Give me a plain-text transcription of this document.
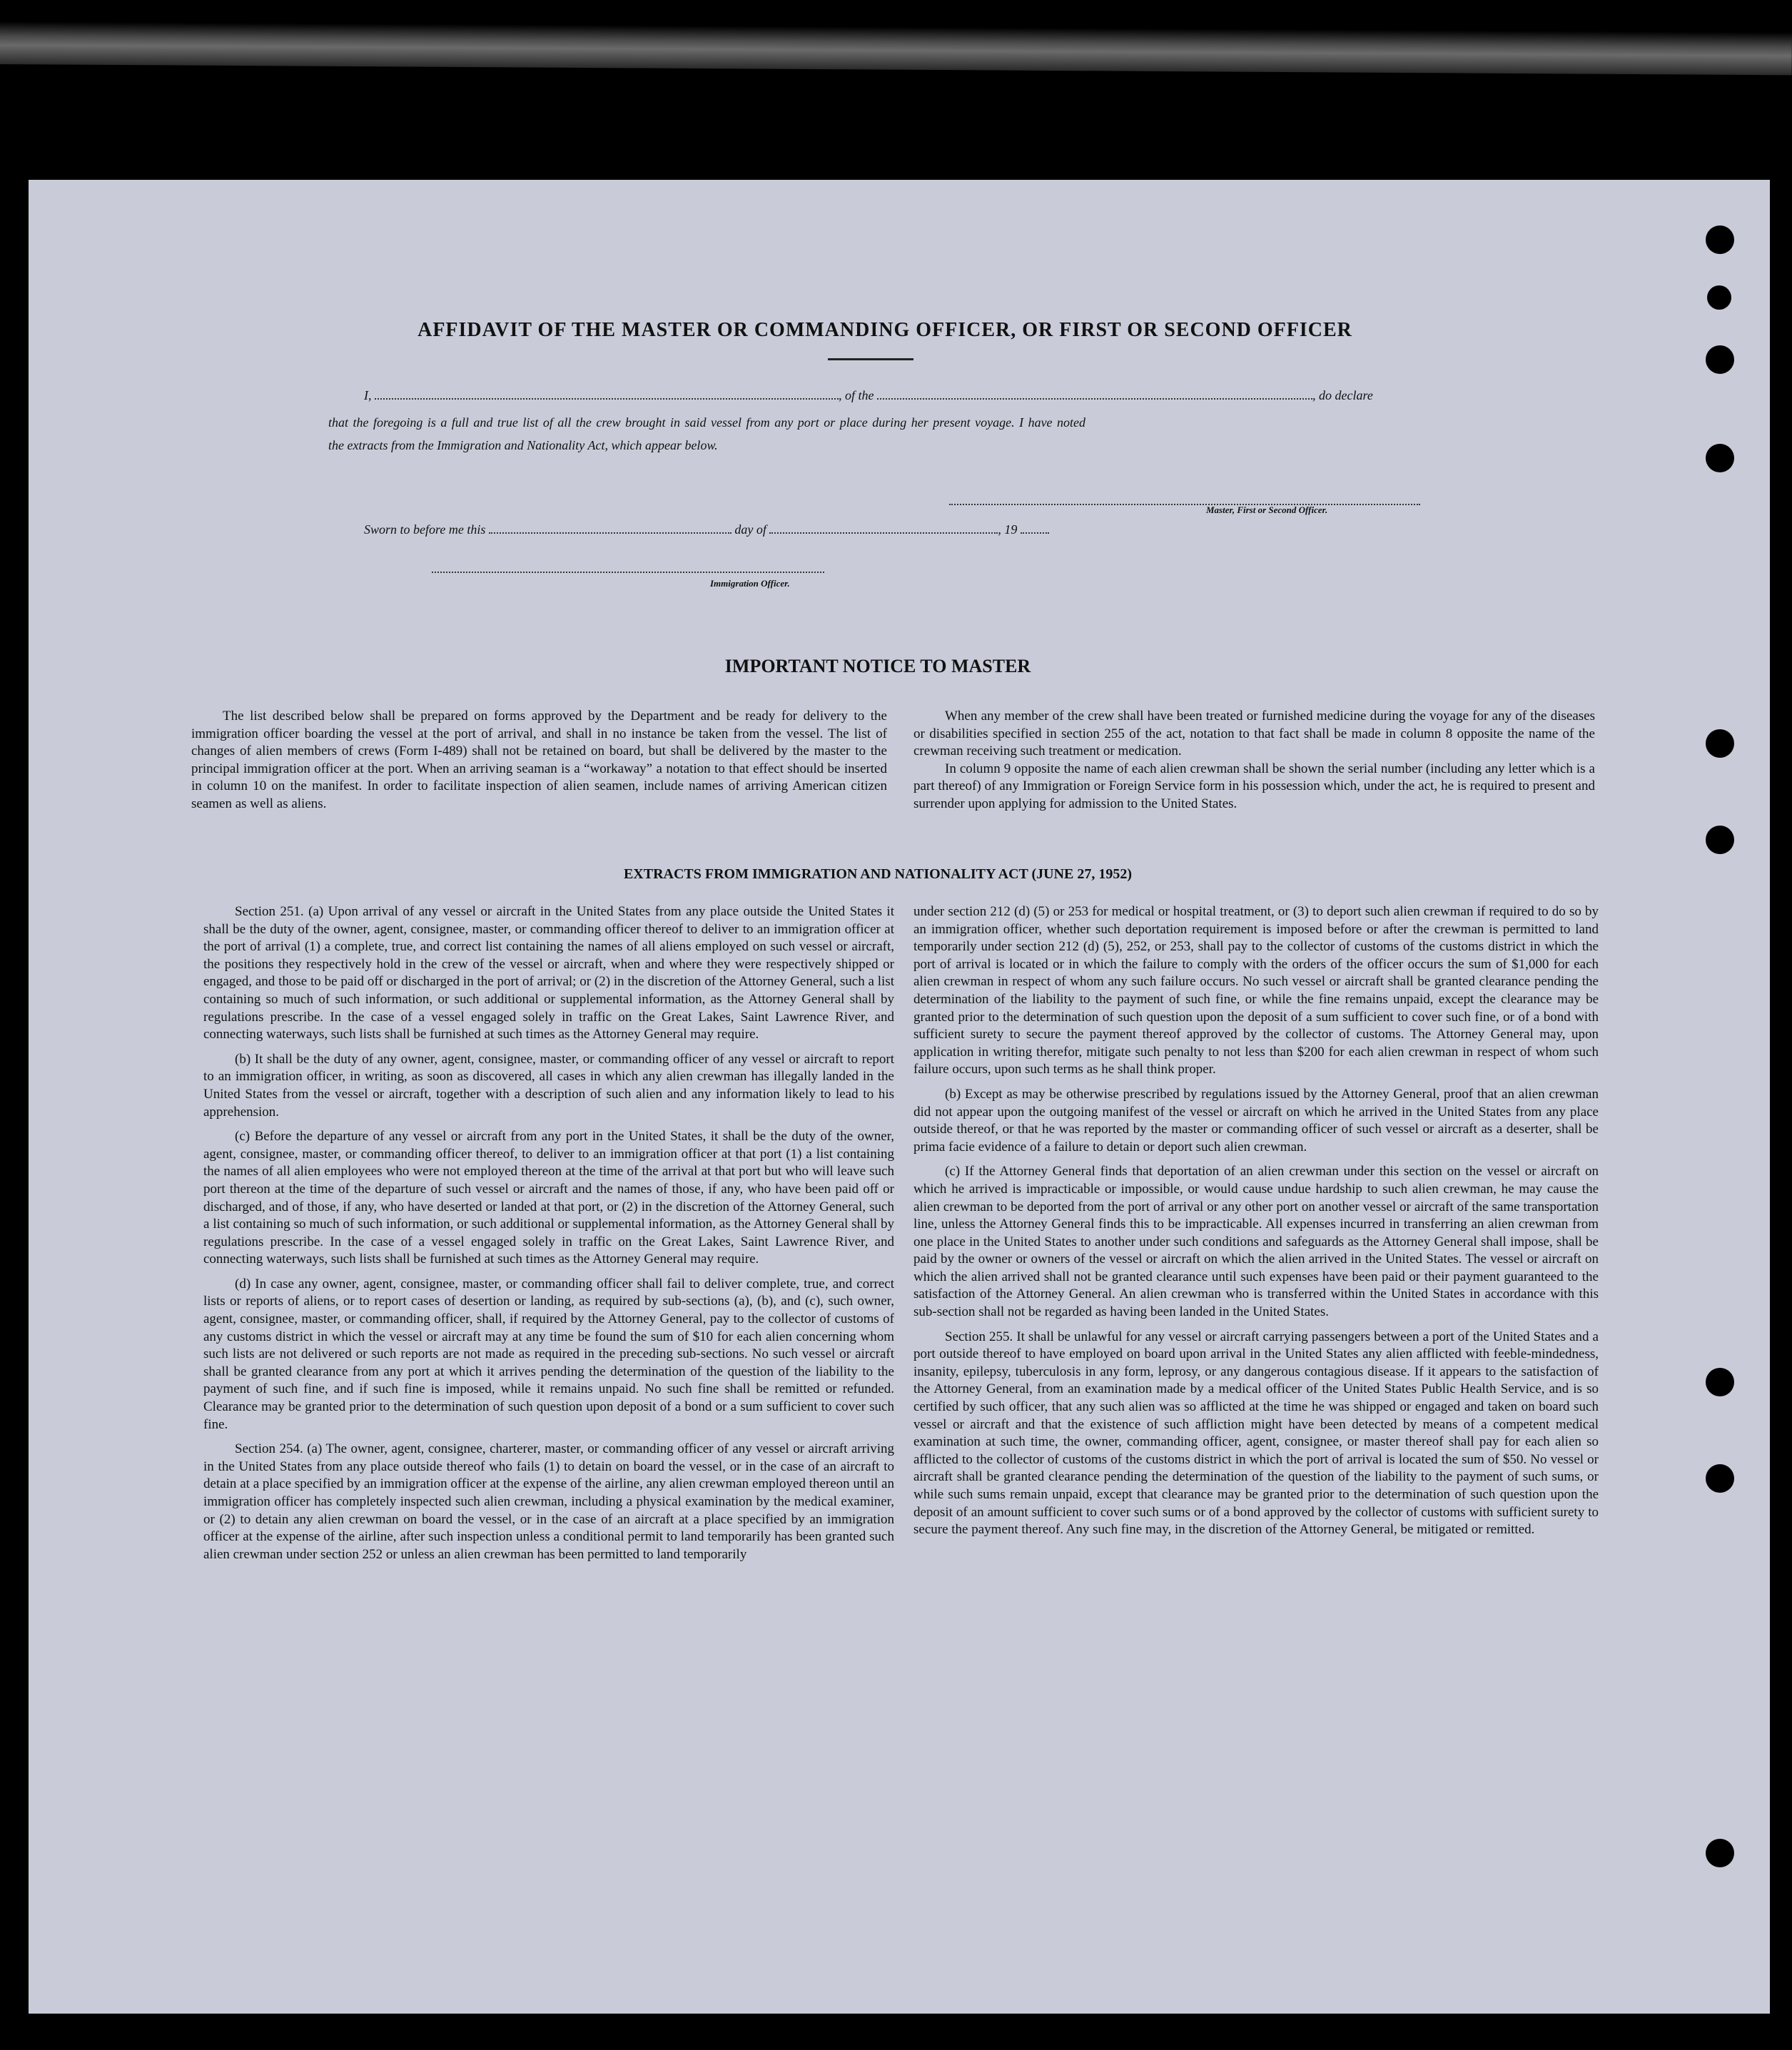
AFFIDAVIT OF THE MASTER OR COMMANDING OFFICER, OR FIRST OR SECOND OFFICER
I,	, of the	, do declare
that the foregoing is a full and true list of all the crew brought in said vessel from any port or place during her present voyage. I have noted
the extracts from the Immigration and Nationality Act, which appear below.
Master, First or Second Officer.
Sworn to before me this	day of	, 19
Immigration Officer.
IMPORTANT NOTICE TO MASTER

The list described below shall be prepared on forms approved by the Department and be ready for delivery to the immigration officer boarding the vessel at the port of arrival, and shall in no instance be taken from the vessel. The list of changes of alien members of crews (Form I-489) shall not be retained on board, but shall be delivered by the master to the principal immigration officer at the port. When an arriving seaman is a “workaway” a notation to that effect should be inserted in column 10 on the manifest. In order to facilitate inspection of alien seamen, include names of arriving American citizen seamen as well as aliens.

When any member of the crew shall have been treated or furnished medicine during the voyage for any of the diseases or disabilities specified in section 255 of the act, notation to that fact shall be made in column 8 opposite the name of the crewman receiving such treatment or medication.

In column 9 opposite the name of each alien crewman shall be shown the serial number (including any letter which is a part thereof) of any Immigration or Foreign Service form in his possession which, under the act, he is required to present and surrender upon applying for admission to the United States.

EXTRACTS FROM IMMIGRATION AND NATIONALITY ACT (JUNE 27, 1952)

Section 251. (a) Upon arrival of any vessel or aircraft in the United States from any place outside the United States it shall be the duty of the owner, agent, consignee, master, or commanding officer thereof to deliver to an immigration officer at the port of arrival (1) a complete, true, and correct list containing the names of all aliens employed on such vessel or aircraft, the positions they respectively hold in the crew of the vessel or aircraft, when and where they were respectively shipped or engaged, and those to be paid off or discharged in the port of arrival; or (2) in the discretion of the Attorney General, such a list containing so much of such information, or such additional or supplemental information, as the Attorney General shall by regulations prescribe. In the case of a vessel engaged solely in traffic on the Great Lakes, Saint Lawrence River, and connecting waterways, such lists shall be furnished at such times as the Attorney General may require.

(b) It shall be the duty of any owner, agent, consignee, master, or commanding officer of any vessel or aircraft to report to an immigration officer, in writing, as soon as discovered, all cases in which any alien crewman has illegally landed in the United States from the vessel or aircraft, together with a description of such alien and any information likely to lead to his apprehension.

(c) Before the departure of any vessel or aircraft from any port in the United States, it shall be the duty of the owner, agent, consignee, master, or commanding officer thereof, to deliver to an immigration officer at that port (1) a list containing the names of all alien employees who were not employed thereon at the time of the arrival at that port but who will leave such port thereon at the time of the departure of such vessel or aircraft and the names of those, if any, who have been paid off or discharged, and of those, if any, who have deserted or landed at that port, or (2) in the discretion of the Attorney General, such a list containing so much of such information, or such additional or supplemental information, as the Attorney General shall by regulations prescribe. In the case of a vessel engaged solely in traffic on the Great Lakes, Saint Lawrence River, and connecting waterways, such lists shall be furnished at such times as the Attorney General may require.

(d) In case any owner, agent, consignee, master, or commanding officer shall fail to deliver complete, true, and correct lists or reports of aliens, or to report cases of desertion or landing, as required by sub-sections (a), (b), and (c), such owner, agent, consignee, master, or commanding officer, shall, if required by the Attorney General, pay to the collector of customs of any customs district in which the vessel or aircraft may at any time be found the sum of $10 for each alien concerning whom such lists are not delivered or such reports are not made as required in the preceding sub-sections. No such vessel or aircraft shall be granted clearance from any port at which it arrives pending the determination of the question of the liability to the payment of such fine, and if such fine is imposed, while it remains unpaid. No such fine shall be remitted or refunded. Clearance may be granted prior to the determination of such question upon deposit of a bond or a sum sufficient to cover such fine.

Section 254. (a) The owner, agent, consignee, charterer, master, or commanding officer of any vessel or aircraft arriving in the United States from any place outside thereof who fails (1) to detain on board the vessel, or in the case of an aircraft to detain at a place specified by an immigration officer at the expense of the airline, any alien crewman employed thereon until an immigration officer has completely inspected such alien crewman, including a physical examination by the medical examiner, or (2) to detain any alien crewman on board the vessel, or in the case of an aircraft at a place specified by an immigration officer at the expense of the airline, after such inspection unless a conditional permit to land temporarily has been granted such alien crewman under section 252 or unless an alien crewman has been permitted to land temporarily

under section 212 (d) (5) or 253 for medical or hospital treatment, or (3) to deport such alien crewman if required to do so by an immigration officer, whether such deportation requirement is imposed before or after the crewman is permitted to land temporarily under section 212 (d) (5), 252, or 253, shall pay to the collector of customs of the customs district in which the port of arrival is located or in which the failure to comply with the orders of the officer occurs the sum of $1,000 for each alien crewman in respect of whom any such failure occurs. No such vessel or aircraft shall be granted clearance pending the determination of the liability to the payment of such fine, or while the fine remains unpaid, except the clearance may be granted prior to the determination of such question upon the deposit of a sum sufficient to cover such fine, or of a bond with sufficient surety to secure the payment thereof approved by the collector of customs. The Attorney General may, upon application in writing therefor, mitigate such penalty to not less than $200 for each alien crewman in respect of whom such failure occurs, upon such terms as he shall think proper.

(b) Except as may be otherwise prescribed by regulations issued by the Attorney General, proof that an alien crewman did not appear upon the outgoing manifest of the vessel or aircraft on which he arrived in the United States from any place outside thereof, or that he was reported by the master or commanding officer of such vessel or aircraft as a deserter, shall be prima facie evidence of a failure to detain or deport such alien crewman.

(c) If the Attorney General finds that deportation of an alien crewman under this section on the vessel or aircraft on which he arrived is impracticable or impossible, or would cause undue hardship to such alien crewman, he may cause the alien crewman to be deported from the port of arrival or any other port on another vessel or aircraft of the same transportation line, unless the Attorney General finds this to be impracticable. All expenses incurred in transferring an alien crewman from one place in the United States to another under such conditions and safeguards as the Attorney General shall impose, shall be paid by the owner or owners of the vessel or aircraft on which the alien arrived in the United States. The vessel or aircraft on which the alien arrived shall not be granted clearance until such expenses have been paid or their payment guaranteed to the satisfaction of the Attorney General. An alien crewman who is transferred within the United States in accordance with this sub-section shall not be regarded as having been landed in the United States.

Section 255. It shall be unlawful for any vessel or aircraft carrying passengers between a port of the United States and a port outside thereof to have employed on board upon arrival in the United States any alien afflicted with feeble-mindedness, insanity, epilepsy, tuberculosis in any form, leprosy, or any dangerous contagious disease. If it appears to the satisfaction of the Attorney General, from an examination made by a medical officer of the United States Public Health Service, and is so certified by such officer, that any such alien was so afflicted at the time he was shipped or engaged and taken on board such vessel or aircraft and that the existence of such affliction might have been detected by means of a competent medical examination at such time, the owner, commanding officer, agent, consignee, or master thereof shall pay for each alien so afflicted to the collector of customs of the customs district in which the port of arrival is located the sum of $50. No vessel or aircraft shall be granted clearance pending the determination of the question of the liability to the payment of such sums, or while such sums remain unpaid, except that clearance may be granted prior to the determination of such question upon the deposit of an amount sufficient to cover such sums or of a bond approved by the collector of customs with sufficient surety to secure the payment thereof. Any such fine may, in the discretion of the Attorney General, be mitigated or remitted.
